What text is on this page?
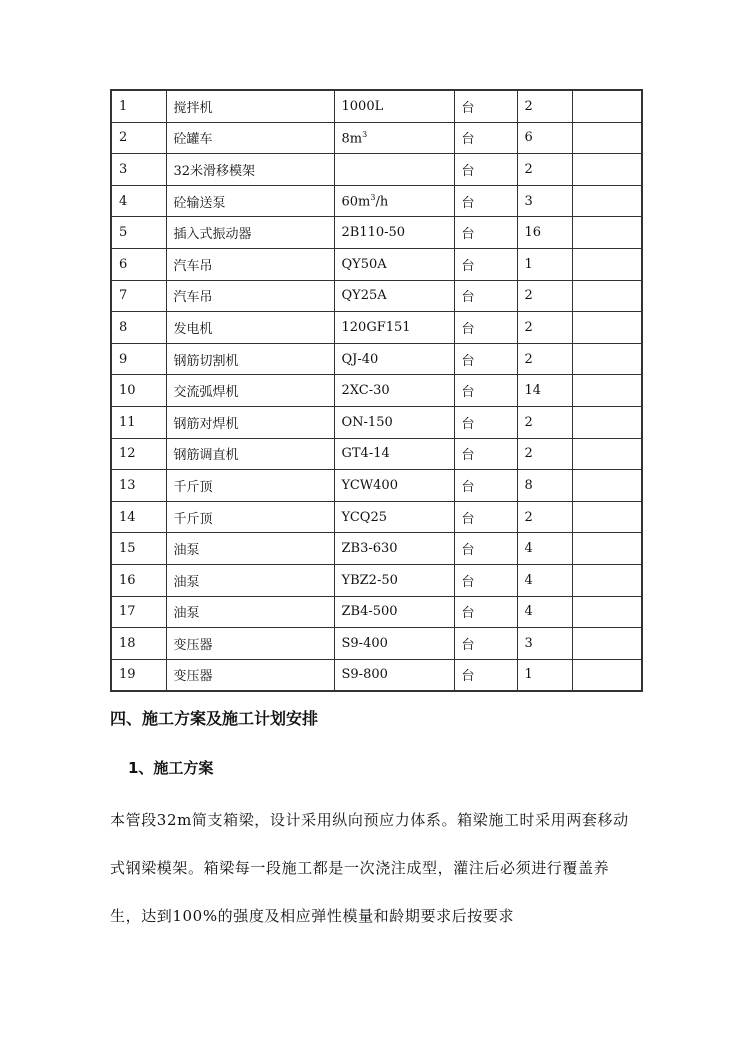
1	搅拌机	1000L	台	2	
2	砼罐车	$8m^3$	台	6	
3	32米滑移模架		台	2	
4	砼输送泵	$60m^3/h$	台	3	
5	插入式振动器	2B110-50	台	16	
6	汽车吊	QY50A	台	1	
7	汽车吊	QY25A	台	2	
8	发电机	120GF151	台	2	
9	钢筋切割机	QJ-40	台	2	
10	交流弧焊机	2XC-30	台	14	
11	钢筋对焊机	ON-150	台	2	
12	钢筋调直机	GT4-14	台	2	
13	千斤顶	YCW400	台	8	
14	千斤顶	YCQ25	台	2	
15	油泵	ZB3-630	台	4	
16	油泵	YBZ2-50	台	4	
17	油泵	ZB4-500	台	4	
18	变压器	S9-400	台	3	
19	变压器	S9-800	台	1	
四、施工方案及施工计划安排
1、施工方案

本管段32m简支箱梁，设计采用纵向预应力体系。箱梁施工时采用两套移动式钢梁模架。箱梁每一段施工都是一次浇注成型，灌注后必须进行覆盖养生，达到100%的强度及相应弹性模量和龄期要求后按要求
